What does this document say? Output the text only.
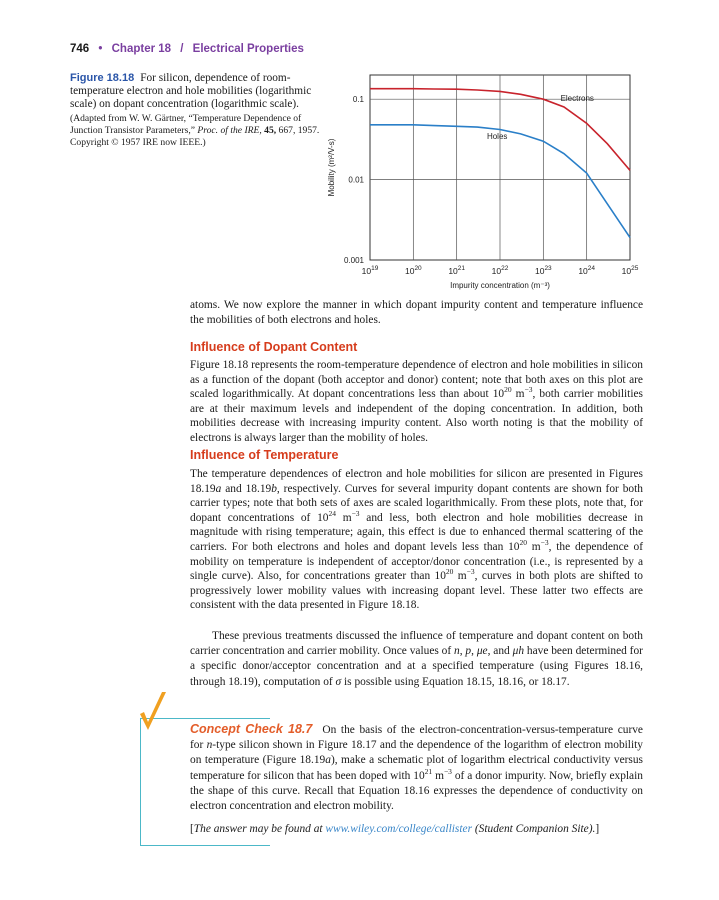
746 • Chapter 18 / Electrical Properties
Figure 18.18 For silicon, dependence of room-temperature electron and hole mobilities (logarithmic scale) on dopant concentration (logarithmic scale).
(Adapted from W. W. Gärtner, “Temperature Dependence of Junction Transistor Parameters,” Proc. of the IRE, 45, 667, 1957. Copyright © 1957 IRE now IEEE.)
$10^{19}$	$10^{20}$	$10^{21}$	$10^{22}$	$10^{23}$	$10^{24}$	$10^{25}$
0.001
0.01
0.1
Impurity concentration (m⁻³)
Mobility (m²/V-s)
Electrons
Holes
atoms. We now explore the manner in which dopant impurity content and temperature influence the mobilities of both electrons and holes.
Influence of Dopant Content
Figure 18.18 represents the room-temperature dependence of electron and hole mobilities in silicon as a function of the dopant (both acceptor and donor) content; note that both axes on this plot are scaled logarithmically. At dopant concentrations less than about $10^{20}$ $m^{-3}$, both carrier mobilities are at their maximum levels and independent of the doping concentration. In addition, both mobilities decrease with increasing impurity content. Also worth noting is that the mobility of electrons is always larger than the mobility of holes.
Influence of Temperature
The temperature dependences of electron and hole mobilities for silicon are presented in Figures 18.19a and 18.19b, respectively. Curves for several impurity dopant contents are shown for both carrier types; note that both sets of axes are scaled logarithmically. From these plots, note that, for dopant concentrations of $10^{24}$ $m^{-3}$ and less, both electron and hole mobilities decrease in magnitude with rising temperature; again, this effect is due to enhanced thermal scattering of the carriers. For both electrons and holes and dopant levels less than $10^{20}$ $m^{-3}$, the dependence of mobility on temperature is independent of acceptor/donor concentration (i.e., is represented by a single curve). Also, for concentrations greater than $10^{20}$ $m^{-3}$, curves in both plots are shifted to progressively lower mobility values with increasing dopant level. These latter two effects are consistent with the data presented in Figure 18.18.
These previous treatments discussed the influence of temperature and dopant content on both carrier concentration and carrier mobility. Once values of n, p, μe, and μh have been determined for a specific donor/acceptor concentration and at a specified temperature (using Figures 18.16, through 18.19), computation of σ is possible using Equation 18.15, 18.16, or 18.17.
Concept Check 18.7 On the basis of the electron-concentration-versus-temperature curve for n-type silicon shown in Figure 18.17 and the dependence of the logarithm of electron mobility on temperature (Figure 18.19a), make a schematic plot of logarithm electrical conductivity versus temperature for silicon that has been doped with $10^{21}$ $m^{-3}$ of a donor impurity. Now, briefly explain the shape of this curve. Recall that Equation 18.16 expresses the dependence of conductivity on electron concentration and electron mobility.
[The answer may be found at www.wiley.com/college/callister (Student Companion Site).]
